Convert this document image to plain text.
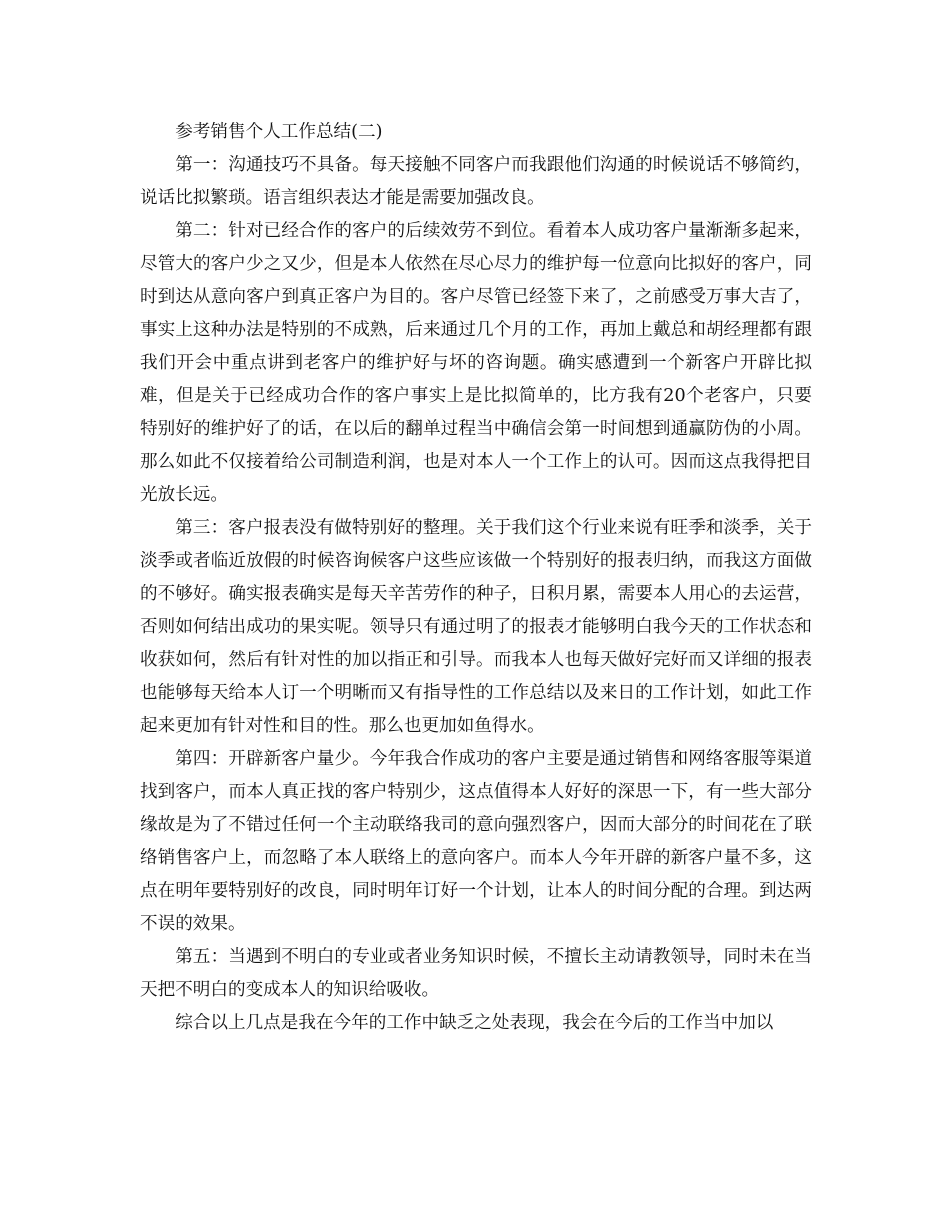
参考销售个人工作总结(二)

第一：沟通技巧不具备。每天接触不同客户而我跟他们沟通的时候说话不够简约，说话比拟繁琐。语言组织表达才能是需要加强改良。

第二：针对已经合作的客户的后续效劳不到位。看着本人成功客户量渐渐多起来，尽管大的客户少之又少，但是本人依然在尽心尽力的维护每一位意向比拟好的客户，同时到达从意向客户到真正客户为目的。客户尽管已经签下来了，之前感受万事大吉了，事实上这种办法是特别的不成熟，后来通过几个月的工作，再加上戴总和胡经理都有跟我们开会中重点讲到老客户的维护好与坏的咨询题。确实感遭到一个新客户开辟比拟难，但是关于已经成功合作的客户事实上是比拟简单的，比方我有20个老客户，只要特别好的维护好了的话，在以后的翻单过程当中确信会第一时间想到通赢防伪的小周。那么如此不仅接着给公司制造利润，也是对本人一个工作上的认可。因而这点我得把目光放长远。

第三：客户报表没有做特别好的整理。关于我们这个行业来说有旺季和淡季，关于淡季或者临近放假的时候咨询候客户这些应该做一个特别好的报表归纳，而我这方面做的不够好。确实报表确实是每天辛苦劳作的种子，日积月累，需要本人用心的去运营，否则如何结出成功的果实呢。领导只有通过明了的报表才能够明白我今天的工作状态和收获如何，然后有针对性的加以指正和引导。而我本人也每天做好完好而又详细的报表也能够每天给本人订一个明晰而又有指导性的工作总结以及来日的工作计划，如此工作起来更加有针对性和目的性。那么也更加如鱼得水。

第四：开辟新客户量少。今年我合作成功的客户主要是通过销售和网络客服等渠道找到客户，而本人真正找的客户特别少，这点值得本人好好的深思一下，有一些大部分缘故是为了不错过任何一个主动联络我司的意向强烈客户，因而大部分的时间花在了联络销售客户上，而忽略了本人联络上的意向客户。而本人今年开辟的新客户量不多，这点在明年要特别好的改良，同时明年订好一个计划，让本人的时间分配的合理。到达两不误的效果。

第五：当遇到不明白的专业或者业务知识时候，不擅长主动请教领导，同时未在当天把不明白的变成本人的知识给吸收。

综合以上几点是我在今年的工作中缺乏之处表现，我会在今后的工作当中加以
